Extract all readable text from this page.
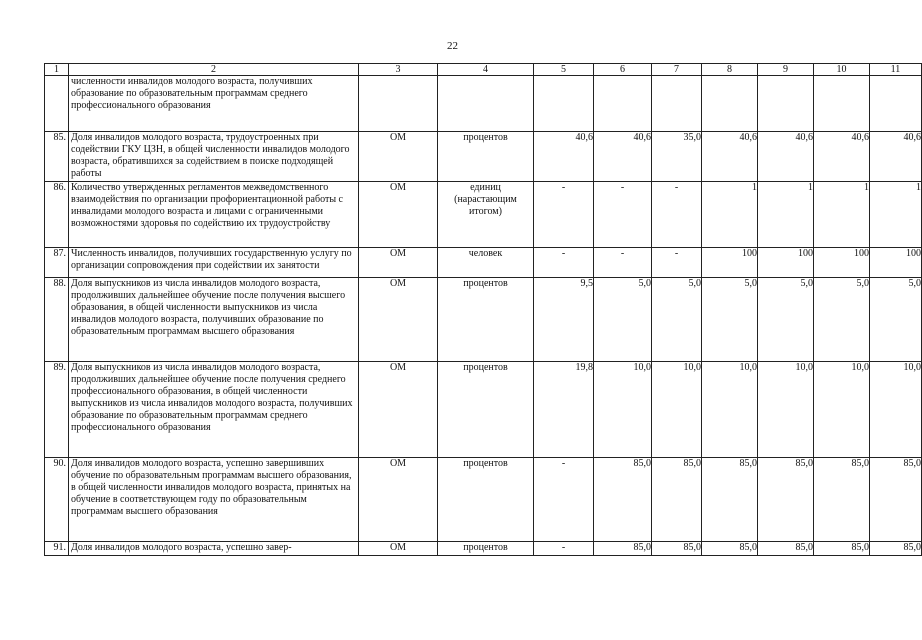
22
1	2	3	4	5	6	7	8	9	10	11
	численности инвалидов молодого возраста, получивших образование по образовательным программам среднего профессионального образования									
85.	Доля инвалидов молодого возраста, трудоустроенных при содействии ГКУ ЦЗН, в общей численности инвалидов молодого возраста, обратившихся за содействием в поиске подходящей работы	ОМ	процентов	40,6	40,6	35,0	40,6	40,6	40,6	40,6
86.	Количество утвержденных регламентов межведомственного взаимодействия по организации профориентационной работы с инвалидами молодого возраста и лицами с ограниченными возможностями здоровья по содействию их трудоустройству	ОМ	единиц (нарастающим итогом)	-	-	-	1	1	1	1
87.	Численность инвалидов, получивших государственную услугу по организации сопровождения при содействии их занятости	ОМ	человек	-	-	-	100	100	100	100
88.	Доля выпускников из числа инвалидов молодого возраста, продолживших дальнейшее обучение после получения высшего образования, в общей численности выпускников из числа инвалидов молодого возраста, получивших образование по образовательным программам высшего образования	ОМ	процентов	9,5	5,0	5,0	5,0	5,0	5,0	5,0
89.	Доля выпускников из числа инвалидов молодого возраста, продолживших дальнейшее обучение после получения среднего профессионального образования, в общей численности выпускников из числа инвалидов молодого возраста, получивших образование по образовательным программам среднего профессионального образования	ОМ	процентов	19,8	10,0	10,0	10,0	10,0	10,0	10,0
90.	Доля инвалидов молодого возраста, успешно завершивших обучение по образовательным программам высшего образования, в общей численности инвалидов молодого возраста, принятых на обучение в соответствующем году по образовательным программам высшего образования	ОМ	процентов	-	85,0	85,0	85,0	85,0	85,0	85,0
91.	Доля инвалидов молодого возраста, успешно завер-	ОМ	процентов	-	85,0	85,0	85,0	85,0	85,0	85,0
